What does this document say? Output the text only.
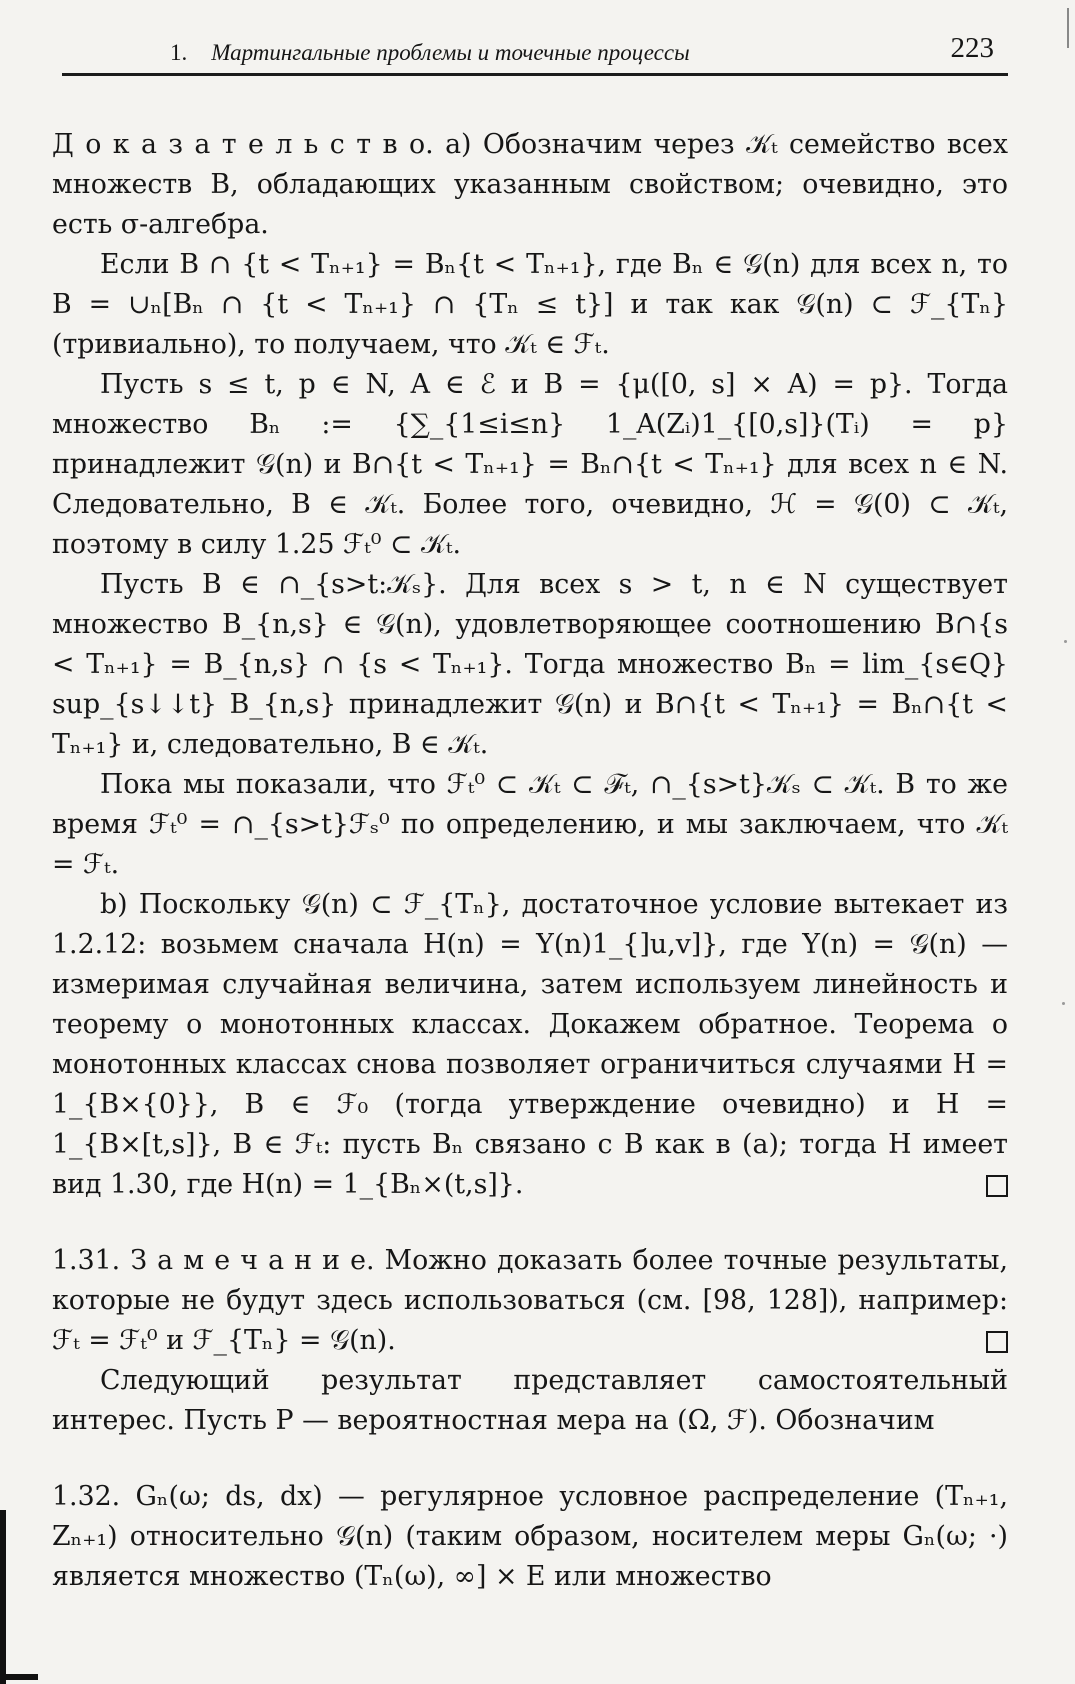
1. Мартингальные проблемы и точечные процессы	223

Д о к а з а т е л ь с т в о. а) Обозначим через 𝒦ₜ семейство всех множеств B, обладающих указанным свойством; очевидно, это есть σ-алгебра.

Если B ∩ {t < Tₙ₊₁} = Bₙ{t < Tₙ₊₁}, где Bₙ ∈ 𝒢(n) для всех n, то B = ∪ₙ[Bₙ ∩ {t < Tₙ₊₁} ∩ {Tₙ ≤ t}] и так как 𝒢(n) ⊂ ℱ_{Tₙ} (тривиально), то получаем, что 𝒦ₜ ∈ ℱₜ.

Пусть s ≤ t, p ∈ N, A ∈ ℰ и B = {μ([0, s] × A) = p}. Тогда множество Bₙ := {∑_{1≤i≤n} 1_A(Zᵢ)1_{[0,s]}(Tᵢ) = p} принадлежит 𝒢(n) и B∩{t < Tₙ₊₁} = Bₙ∩{t < Tₙ₊₁} для всех n ∈ N. Следовательно, B ∈ 𝒦ₜ. Более того, очевидно, ℋ = 𝒢(0) ⊂ 𝒦ₜ, поэтому в силу 1.25 ℱₜ⁰ ⊂ 𝒦ₜ.

Пусть B ∈ ∩_{s>t:𝒦ₛ}. Для всех s > t, n ∈ N существует множество B_{n,s} ∈ 𝒢(n), удовлетворяющее соотношению B∩{s < Tₙ₊₁} = B_{n,s} ∩ {s < Tₙ₊₁}. Тогда множество Bₙ = lim_{s∈Q} sup_{s↓↓t} B_{n,s} принадлежит 𝒢(n) и B∩{t < Tₙ₊₁} = Bₙ∩{t < Tₙ₊₁} и, следовательно, B ∈ 𝒦ₜ.

Пока мы показали, что ℱₜ⁰ ⊂ 𝒦ₜ ⊂ ℱₜ, ∩_{s>t}𝒦ₛ ⊂ 𝒦ₜ. В то же время ℱₜ⁰ = ∩_{s>t}ℱₛ⁰ по определению, и мы заключаем, что 𝒦ₜ = ℱₜ.

b) Поскольку 𝒢(n) ⊂ ℱ_{Tₙ}, достаточное условие вытекает из 1.2.12: возьмем сначала H(n) = Y(n)1_{]u,v]}, где Y(n) = 𝒢(n) — измеримая случайная величина, затем используем линейность и теорему о монотонных классах. Докажем обратное. Теорема о монотонных классах снова позволяет ограничиться случаями H = 1_{B×{0}}, B ∈ ℱ₀ (тогда утверждение очевидно) и H = 1_{B×[t,s]}, B ∈ ℱₜ: пусть Bₙ связано с B как в (а); тогда H имеет вид 1.30, где H(n) = 1_{Bₙ×(t,s]}.

1.31. З а м е ч а н и е. Можно доказать более точные результаты, которые не будут здесь использоваться (см. [98, 128]), например: ℱₜ = ℱₜ⁰ и ℱ_{Tₙ} = 𝒢(n).

Следующий результат представляет самостоятельный интерес. Пусть P — вероятностная мера на (Ω, ℱ). Обозначим

1.32. Gₙ(ω; ds, dx) — регулярное условное распределение (Tₙ₊₁, Zₙ₊₁) относительно 𝒢(n) (таким образом, носителем меры Gₙ(ω; ·) является множество (Tₙ(ω), ∞] × E или множество
